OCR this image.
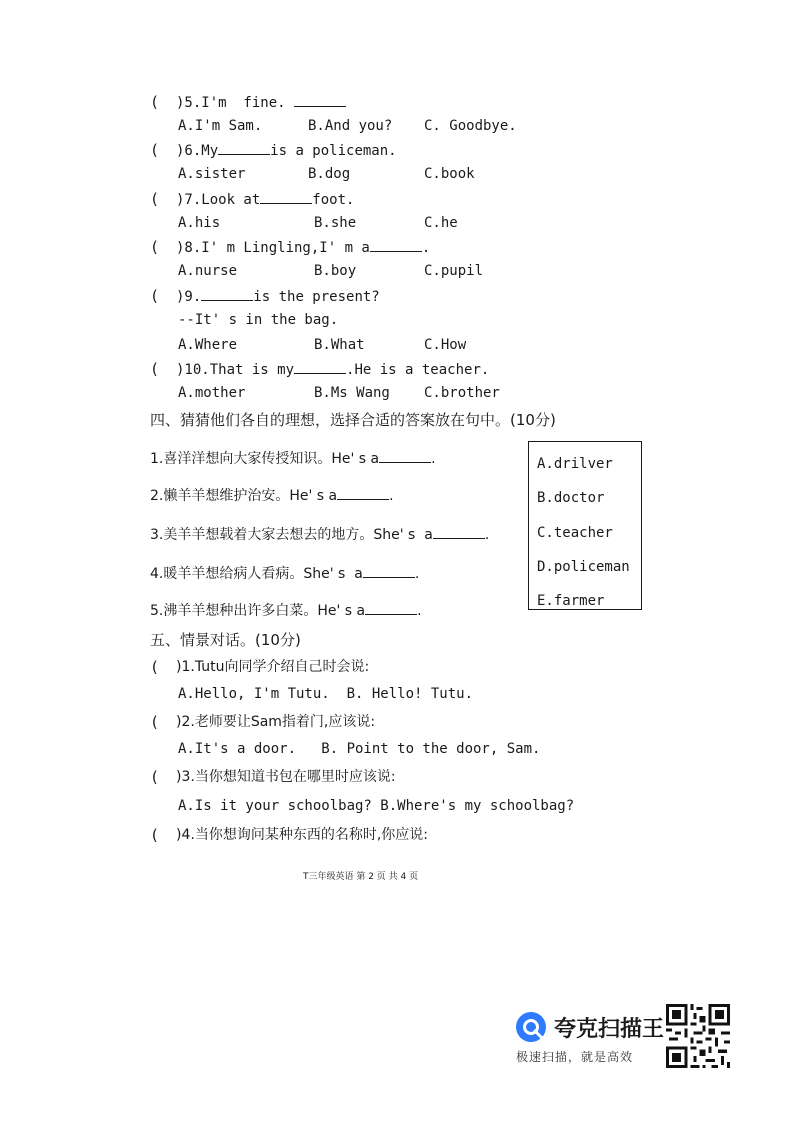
( )5.I'm  fine.
A.I'm Sam.	B.And you? C. Goodbye.
( )6.My	is a policeman.
A.sister	B.dog	C.book
( )7.Look at	foot.
A.his	B.she	C.he
( )8.I' m Lingling,I' m a	.
A.nurse	B.boy	C.pupil
( )9.	is the present?
--It' s in the bag.
A.Where	B.What	C.How
( )10.That is my	.He is a teacher.
A.mother	B.Ms Wang C.brother
四、猜猜他们各自的理想，选择合适的答案放在句中。(10分)
1.喜洋洋想向大家传授知识。He' s a	.
2.懒羊羊想维护治安。He' s a	.
3.美羊羊想载着大家去想去的地方。She' s  a	.
4.暖羊羊想给病人看病。She' s  a	.
5.沸羊羊想种出许多白菜。He' s a	.
A.drilver
B.doctor
C.teacher
D.policeman
E.farmer
五、情景对话。(10分)
( )1.Tutu向同学介绍自己时会说:
A.Hello, I'm Tutu.  B. Hello! Tutu.
( )2.老师要让Sam指着门,应该说:
A.It's a door.   B. Point to the door, Sam.
( )3.当你想知道书包在哪里时应该说:
A.Is it your schoolbag? B.Where's my schoolbag?
( )4.当你想询问某种东西的名称时,你应说:

T三年级英语 第 2 页 共 4 页
夸克扫描王
极速扫描，就是高效
